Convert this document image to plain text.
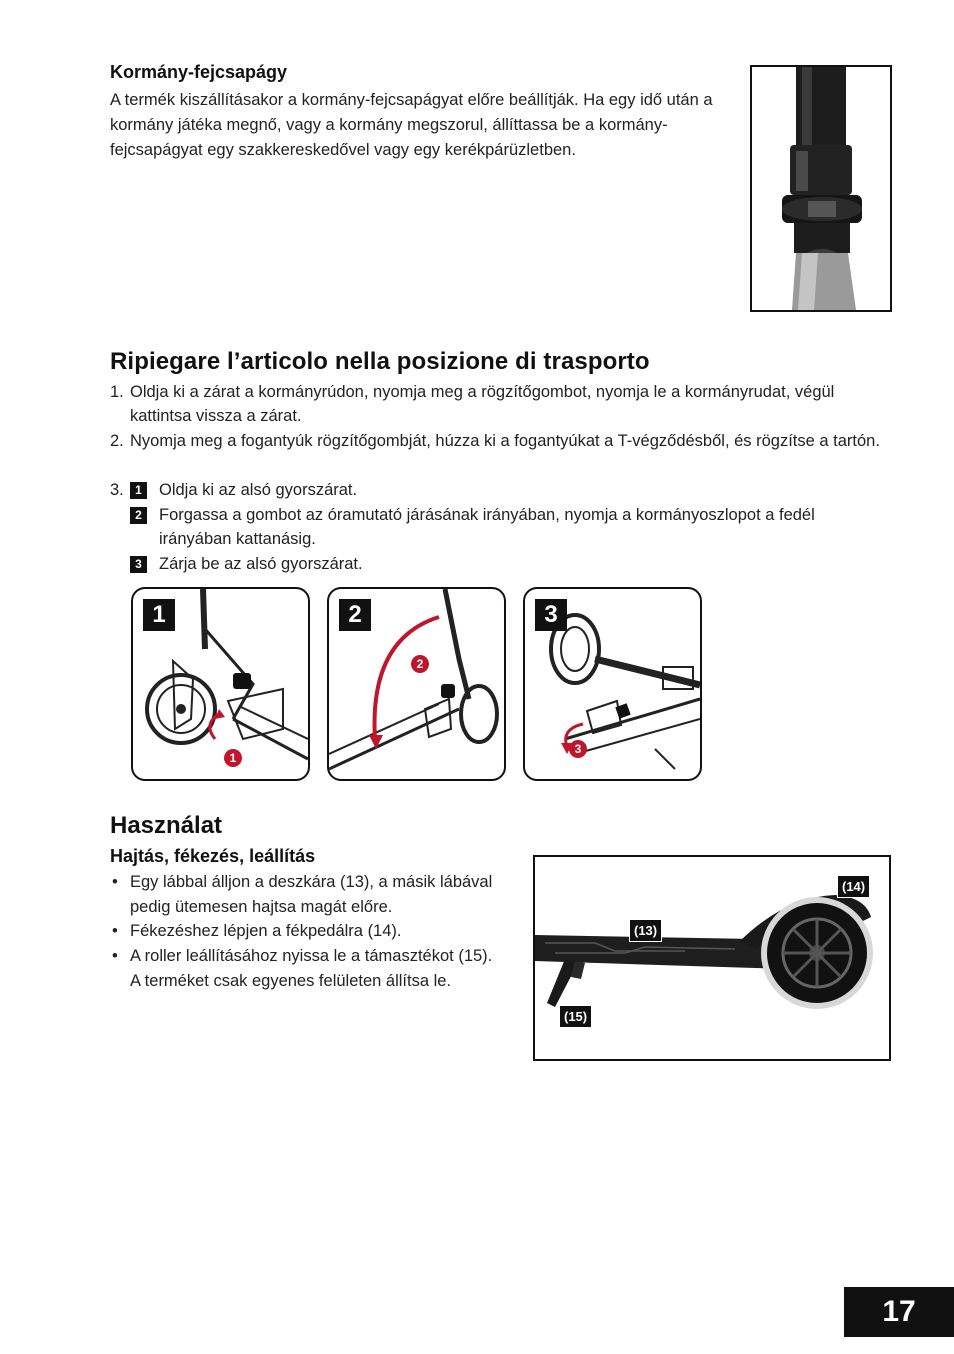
Kormány-fejcsapágy
A termék kiszállításakor a kormány-fejcsapágyat előre beállítják. Ha egy idő után a kormány játéka megnő, vagy a kormány megszorul, állíttassa be a kormány-fejcsapágyat egy szakkereskedővel vagy egy kerékpárüzletben.
Ripiegare l’articolo nella posizione di trasporto
1. Oldja ki a zárat a kormányrúdon, nyomja meg a rögzítőgombot, nyomja le a kormányrudat, végül kattintsa vissza a zárat.
2. Nyomja meg a fogantyúk rögzítőgombját, húzza ki a fogantyúkat a T-végződésből, és rögzítse a tartón.
3. 1	Oldja ki az alsó gyorszárat.
2	Forgassa a gombot az óramutató járásának irányában, nyomja a kormányoszlopot a fedél irányában kattanásig.
3	Zárja be az alsó gyorszárat.
1
1
2
2
3
3
Használat
Hajtás, fékezés, leállítás
• Egy lábbal álljon a deszkára (13), a másik lábával pedig ütemesen hajtsa magát előre.
• Fékezéshez lépjen a fékpedálra (14).
• A roller leállításához nyissa le a támasztékot (15). A terméket csak egyenes felületen állítsa le.
(14)
(13)
(15)
17
